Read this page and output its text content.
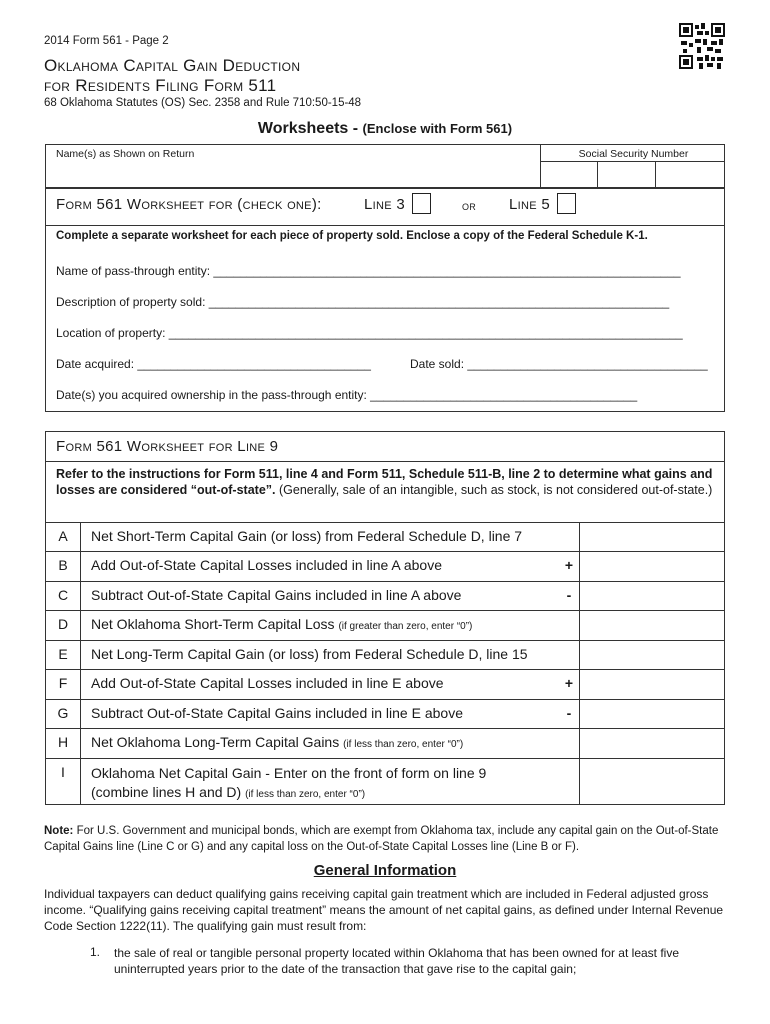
2014 Form 561 - Page 2
Oklahoma Capital Gain Deduction
for Residents Filing Form 511
68 Oklahoma Statutes (OS) Sec. 2358 and Rule 710:50-15-48
Worksheets - (Enclose with Form 561)
Name(s) as Shown on Return	Social Security Number
Form 561 Worksheet for (check one):	Line 3	or Line 5
Complete a separate worksheet for each piece of property sold. Enclose a copy of the Federal Schedule K-1.
Name of pass-through entity: ______________________________________________________________________
Description of property sold: _____________________________________________________________________
Location of property: _____________________________________________________________________________
Date acquired: ___________________________________	Date sold: ____________________________________
Date(s) you acquired ownership in the pass-through entity: ________________________________________
Form 561 Worksheet for Line 9
Refer to the instructions for Form 511, line 4 and Form 511, Schedule 511-B, line 2 to determine what gains and losses are considered “out-of-state”. (Generally, sale of an intangible, such as stock, is not considered out-of-state.)
A	Net Short-Term Capital Gain (or loss) from Federal Schedule D, line 7
B	Add Out-of-State Capital Losses included in line A above	+
C	Subtract Out-of-State Capital Gains included in line A above	-
D	Net Oklahoma Short-Term Capital Loss (if greater than zero, enter “0”)
E	Net Long-Term Capital Gain (or loss) from Federal Schedule D, line 15
F	Add Out-of-State Capital Losses included in line E above	+
G	Subtract Out-of-State Capital Gains included in line E above	-
H	Net Oklahoma Long-Term Capital Gains (if less than zero, enter “0”)
I	Oklahoma Net Capital Gain - Enter on the front of form on line 9
(combine lines H and D) (if less than zero, enter “0”)
Note: For U.S. Government and municipal bonds, which are exempt from Oklahoma tax, include any capital gain on the Out-of-State Capital Gains line (Line C or G) and any capital loss on the Out-of-State Capital Losses line (Line B or F).
General Information
Individual taxpayers can deduct qualifying gains receiving capital gain treatment which are included in Federal adjusted gross income. “Qualifying gains receiving capital treatment” means the amount of net capital gains, as defined under Internal Revenue Code Section 1222(11). The qualifying gain must result from:
1. the sale of real or tangible personal property located within Oklahoma that has been owned for at least five uninterrupted years prior to the date of the transaction that gave rise to the capital gain;
